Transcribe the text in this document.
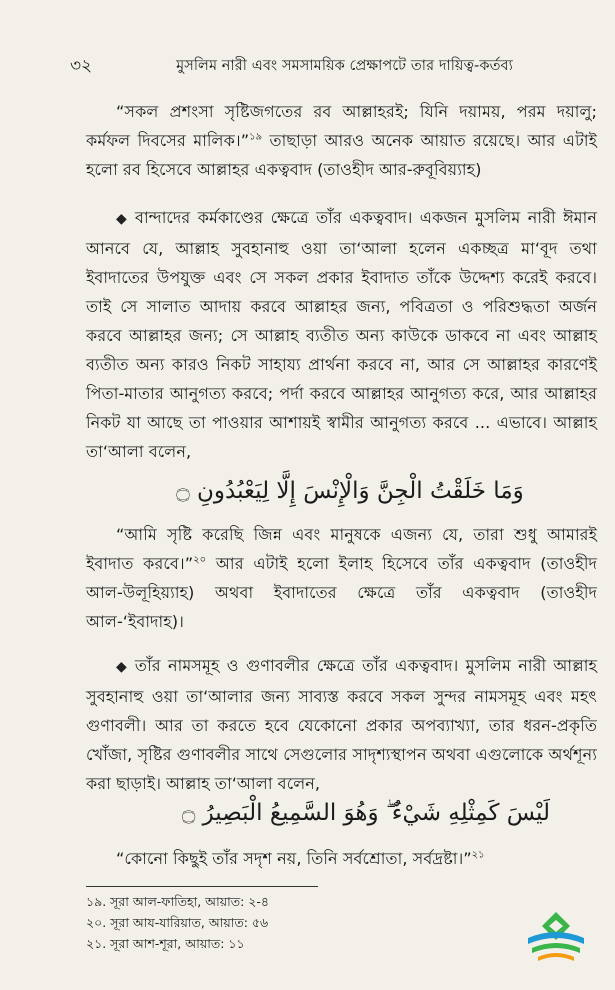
৩২	মুসলিম নারী এবং সমসাময়িক প্রেক্ষাপটে তার দায়িত্ব-কর্তব্য

“সকল প্রশংসা সৃষ্টিজগতের রব আল্লাহরই; যিনি দয়াময়, পরম দয়ালু; কর্মফল দিবসের মালিক।”$^{১৯}$ তাছাড়া আরও অনেক আয়াত রয়েছে। আর এটাই হলো রব হিসেবে আল্লাহর একত্ববাদ (তাওহীদ আর-রুবূবিয়্যাহ)

◆ বান্দাদের কর্মকাণ্ডের ক্ষেত্রে তাঁর একত্ববাদ। একজন মুসলিম নারী ঈমান আনবে যে, আল্লাহ সুবহানাহু ওয়া তা‘আলা হলেন একচ্ছত্র মা‘বূদ তথা ইবাদাতের উপযুক্ত এবং সে সকল প্রকার ইবাদাত তাঁকে উদ্দেশ্য করেই করবে। তাই সে সালাত আদায় করবে আল্লাহর জন্য, পবিত্রতা ও পরিশুদ্ধতা অর্জন করবে আল্লাহর জন্য; সে আল্লাহ ব্যতীত অন্য কাউকে ডাকবে না এবং আল্লাহ ব্যতীত অন্য কারও নিকট সাহায্য প্রার্থনা করবে না, আর সে আল্লাহর কারণেই পিতা-মাতার আনুগত্য করবে; পর্দা করবে আল্লাহর আনুগত্য করে, আর আল্লাহর নিকট যা আছে তা পাওয়ার আশায়ই স্বামীর আনুগত্য করবে ... এভাবে। আল্লাহ তা‘আলা বলেন,

وَمَا خَلَقْتُ الْجِنَّ وَالْإِنْسَ إِلَّا لِيَعْبُدُونِ ۝

“আমি সৃষ্টি করেছি জিন্ন এবং মানুষকে এজন্য যে, তারা শুধু আমারই ইবাদাত করবে।”$^{২০}$ আর এটাই হলো ইলাহ হিসেবে তাঁর একত্ববাদ (তাওহীদ আল-উলূহিয়্যাহ) অথবা ইবাদাতের ক্ষেত্রে তাঁর একত্ববাদ (তাওহীদ আল-‘ইবাদাহ)।

◆ তাঁর নামসমূহ ও গুণাবলীর ক্ষেত্রে তাঁর একত্ববাদ। মুসলিম নারী আল্লাহ সুবহানাহু ওয়া তা‘আলার জন্য সাব্যস্ত করবে সকল সুন্দর নামসমূহ এবং মহৎ গুণাবলী। আর তা করতে হবে যেকোনো প্রকার অপব্যাখ্যা, তার ধরন-প্রকৃতি খোঁজা, সৃষ্টির গুণাবলীর সাথে সেগুলোর সাদৃশ্যস্থাপন অথবা এগুলোকে অর্থশূন্য করা ছাড়াই। আল্লাহ তা‘আলা বলেন,

لَيْسَ كَمِثْلِهِ شَيْءٌ ۖ وَهُوَ السَّمِيعُ الْبَصِيرُ ۝

“কোনো কিছুই তাঁর সদৃশ নয়, তিনি সর্বশ্রোতা, সর্বদ্রষ্টা।”$^{২১}$

১৯. সূরা আল-ফাতিহা, আয়াত: ২-৪
২০. সূরা আয-যারিয়াত, আয়াত: ৫৬
২১. সূরা আশ-শূরা, আয়াত: ১১
